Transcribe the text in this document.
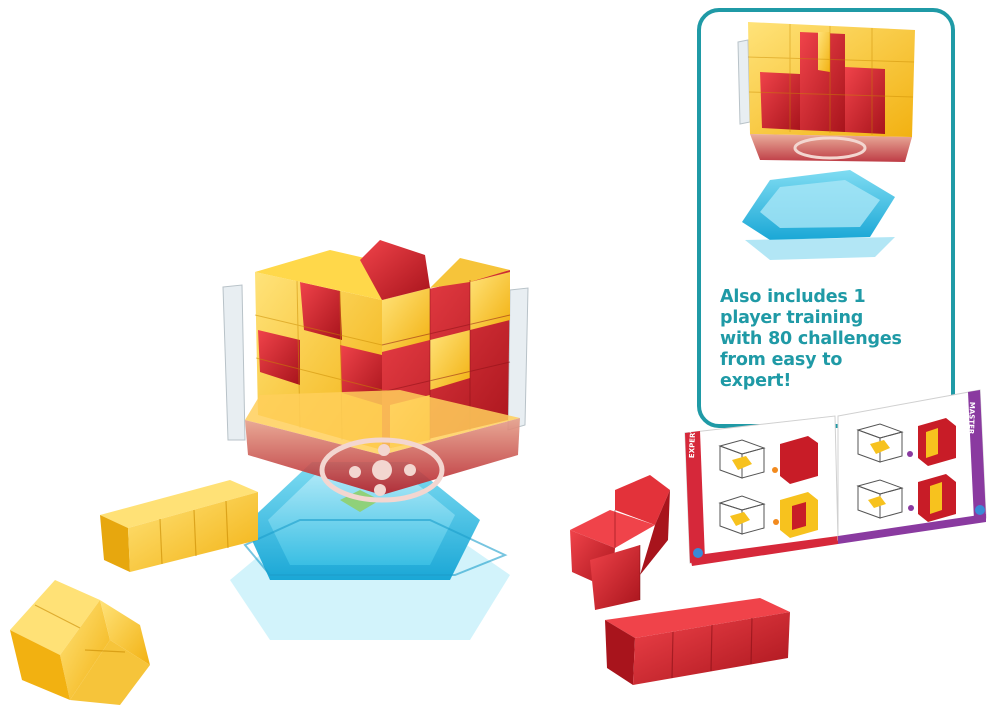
Also includes 1
player training
with 80 challenges
from easy to
expert!
EXPERT
MASTER
